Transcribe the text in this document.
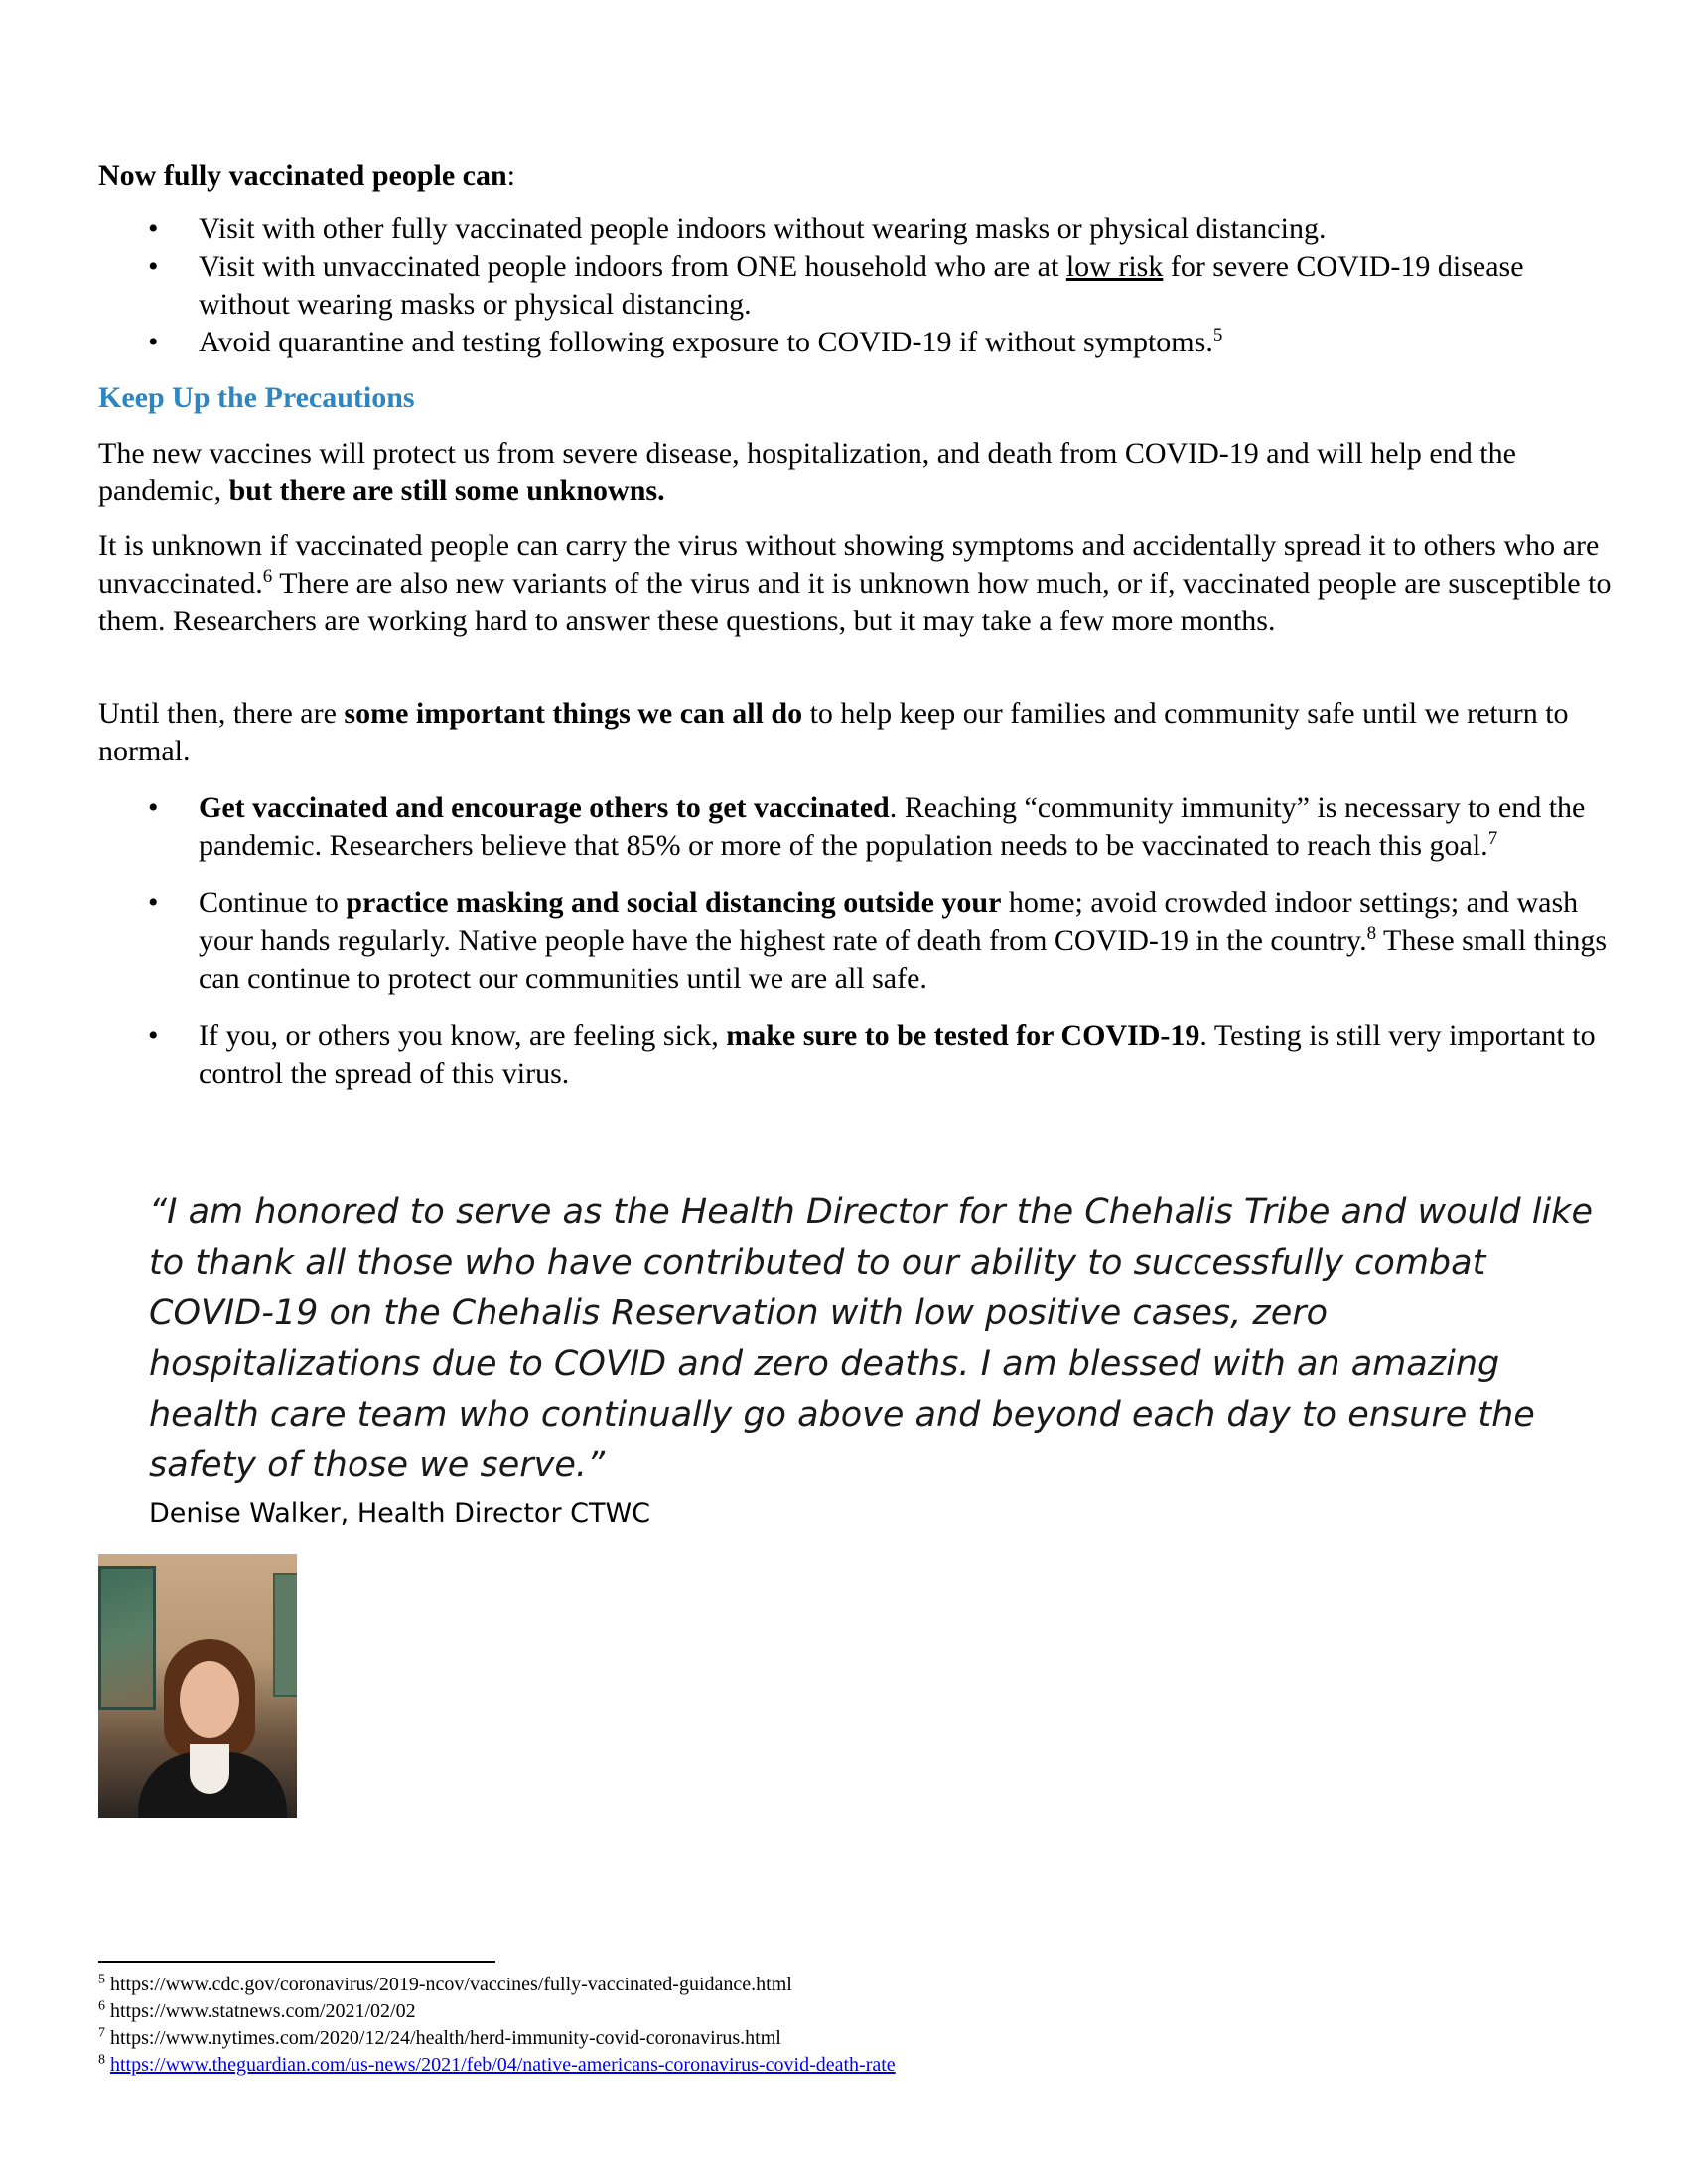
Now fully vaccinated people can:
• Visit with other fully vaccinated people indoors without wearing masks or physical distancing.
• Visit with unvaccinated people indoors from ONE household who are at low risk for severe COVID-19 disease without wearing masks or physical distancing.
• Avoid quarantine and testing following exposure to COVID-19 if without symptoms.$^5$
Keep Up the Precautions
The new vaccines will protect us from severe disease, hospitalization, and death from COVID-19 and will help end the pandemic, but there are still some unknowns.
It is unknown if vaccinated people can carry the virus without showing symptoms and accidentally spread it to others who are unvaccinated.$^6$ There are also new variants of the virus and it is unknown how much, or if, vaccinated people are susceptible to them. Researchers are working hard to answer these questions, but it may take a few more months.
Until then, there are some important things we can all do to help keep our families and community safe until we return to normal.
• Get vaccinated and encourage others to get vaccinated. Reaching “community immunity” is necessary to end the pandemic. Researchers believe that 85% or more of the population needs to be vaccinated to reach this goal.$^7$
• Continue to practice masking and social distancing outside your home; avoid crowded indoor settings; and wash your hands regularly. Native people have the highest rate of death from COVID-19 in the country.$^8$ These small things can continue to protect our communities until we are all safe.
• If you, or others you know, are feeling sick, make sure to be tested for COVID-19. Testing is still very important to control the spread of this virus.
“I am honored to serve as the Health Director for the Chehalis Tribe and would like to thank all those who have contributed to our ability to successfully combat COVID-19 on the Chehalis Reservation with low positive cases, zero hospitalizations due to COVID and zero deaths. I am blessed with an amazing health care team who continually go above and beyond each day to ensure the safety of those we serve.”
Denise Walker, Health Director CTWC
$^5$ https://www.cdc.gov/coronavirus/2019-ncov/vaccines/fully-vaccinated-guidance.html
$^6$ https://www.statnews.com/2021/02/02
$^7$ https://www.nytimes.com/2020/12/24/health/herd-immunity-covid-coronavirus.html
$^8$ https://www.theguardian.com/us-news/2021/feb/04/native-americans-coronavirus-covid-death-rate
